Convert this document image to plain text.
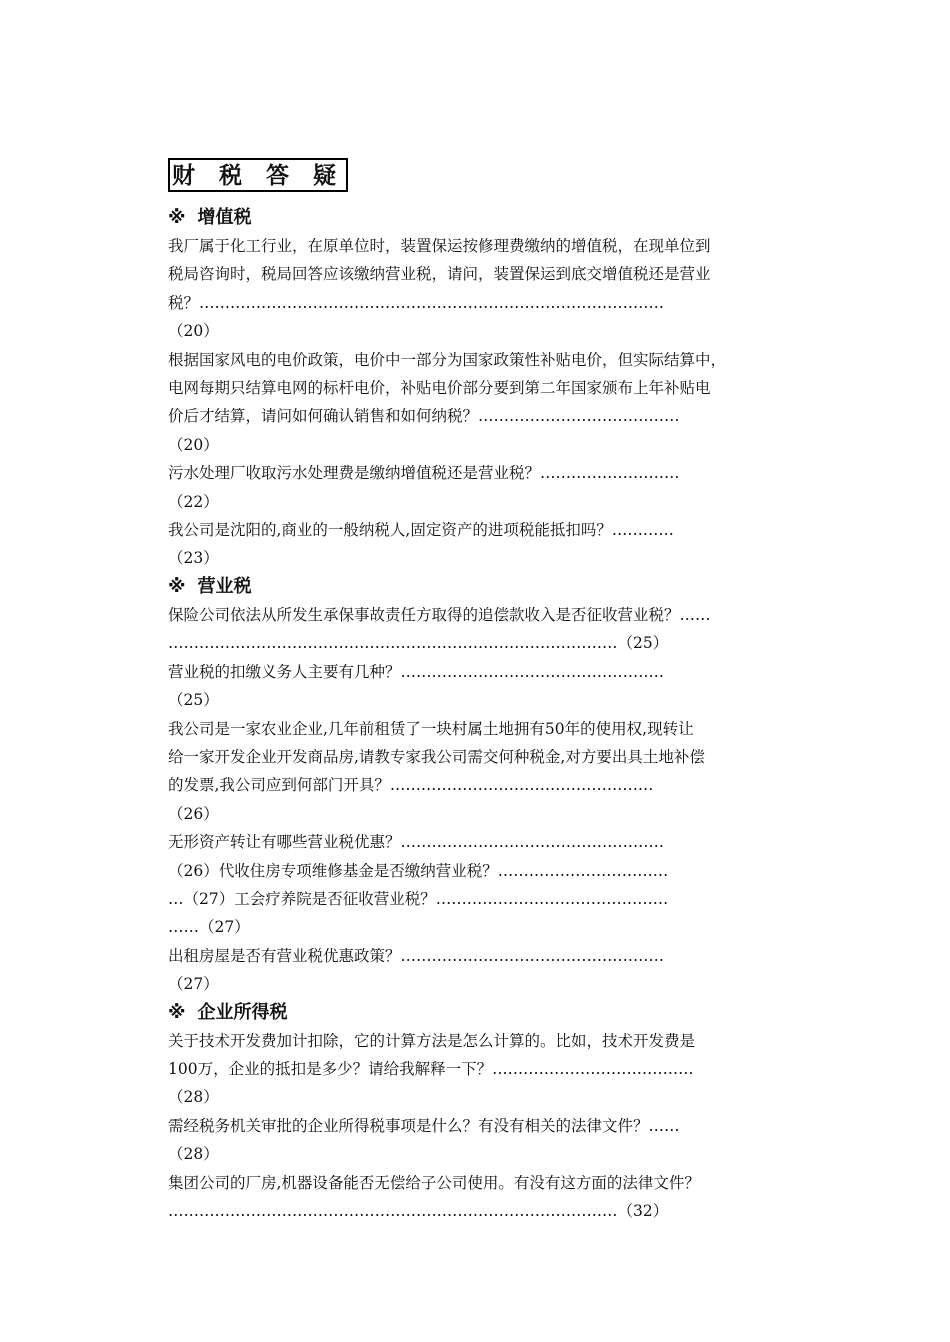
财 税 答 疑
※ 增值税
我厂属于化工行业，在原单位时，装置保运按修理费缴纳的增值税，在现单位到
税局咨询时，税局回答应该缴纳营业税，请问，装置保运到底交增值税还是营业
税？………………………………………………………………………………
（20）
根据国家风电的电价政策，电价中一部分为国家政策性补贴电价，但实际结算中，
电网每期只结算电网的标杆电价，补贴电价部分要到第二年国家颁布上年补贴电
价后才结算，请问如何确认销售和如何纳税？…………………………………
（20）
污水处理厂收取污水处理费是缴纳增值税还是营业税？………………………
（22）
我公司是沈阳的,商业的一般纳税人,固定资产的进项税能抵扣吗？…………
（23）
※ 营业税
保险公司依法从所发生承保事故责任方取得的追偿款收入是否征收营业税？……
……………………………………………………………………………（25）
营业税的扣缴义务人主要有几种？……………………………………………
（25）
我公司是一家农业企业,几年前租赁了一块村属土地拥有50年的使用权,现转让
给一家开发企业开发商品房,请教专家我公司需交何种税金,对方要出具土地补偿
的发票,我公司应到何部门开具？……………………………………………
（26）
无形资产转让有哪些营业税优惠？……………………………………………
（26）代收住房专项维修基金是否缴纳营业税？……………………………
…（27）工会疗养院是否征收营业税？………………………………………
……（27）
出租房屋是否有营业税优惠政策？……………………………………………
（27）
※ 企业所得税
关于技术开发费加计扣除，它的计算方法是怎么计算的。比如，技术开发费是
100万，企业的抵扣是多少？请给我解释一下？…………………………………
（28）
需经税务机关审批的企业所得税事项是什么？有没有相关的法律文件？……
（28）
集团公司的厂房,机器设备能否无偿给子公司使用。有没有这方面的法律文件？
……………………………………………………………………………（32）
